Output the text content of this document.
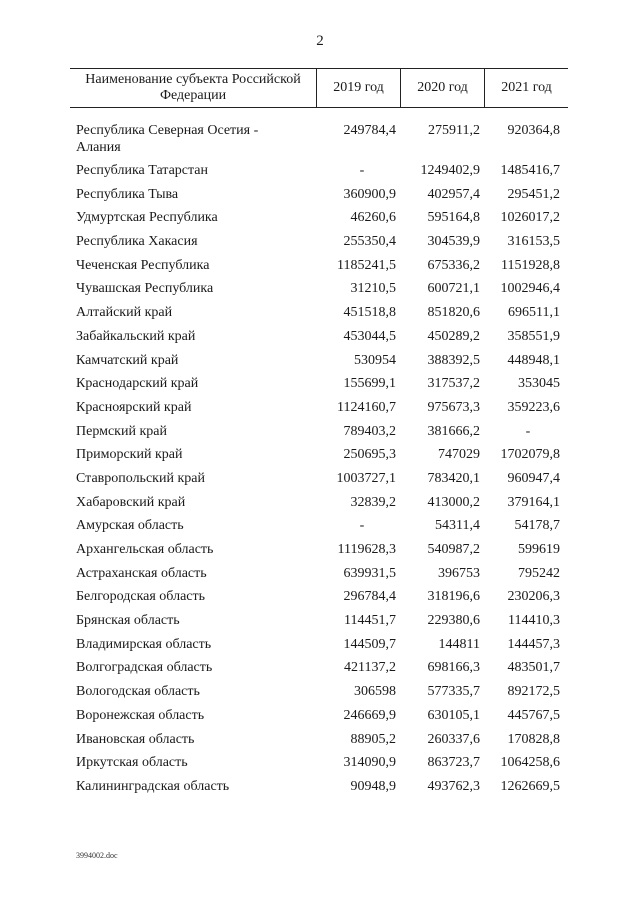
2
Наименование субъекта Российской Федерации
2019 год	2020 год	2021 год
Республика Северная Осетия - Алания
249784,4 275911,2 920364,8
Республика Татарстан	-	1249402,9 1485416,7
Республика Тыва	360900,9 402957,4 295451,2
Удмуртская Республика	46260,6 595164,8 1026017,2
Республика Хакасия	255350,4 304539,9 316153,5
Чеченская Республика	1185241,5 675336,2 1151928,8
Чувашская Республика	31210,5 600721,1 1002946,4
Алтайский край	451518,8 851820,6 696511,1
Забайкальский край	453044,5 450289,2 358551,9
Камчатский край	530954 388392,5 448948,1
Краснодарский край	155699,1 317537,2	353045
Красноярский край	1124160,7 975673,3 359223,6
Пермский край	789403,2 381666,2	-
Приморский край	250695,3	747029 1702079,8
Ставропольский край	1003727,1 783420,1 960947,4
Хабаровский край	32839,2 413000,2 379164,1
Амурская область	-	54311,4 54178,7
Архангельская область	1119628,3 540987,2	599619
Астраханская область	639931,5	396753	795242
Белгородская область	296784,4 318196,6 230206,3
Брянская область	114451,7 229380,6 114410,3
Владимирская область	144509,7	144811 144457,3
Волгоградская область	421137,2 698166,3 483501,7
Вологодская область	306598 577335,7 892172,5
Воронежская область	246669,9 630105,1 445767,5
Ивановская область	88905,2 260337,6 170828,8
Иркутская область	314090,9 863723,7 1064258,6
Калининградская область	90948,9 493762,3 1262669,5
3994002.doc
